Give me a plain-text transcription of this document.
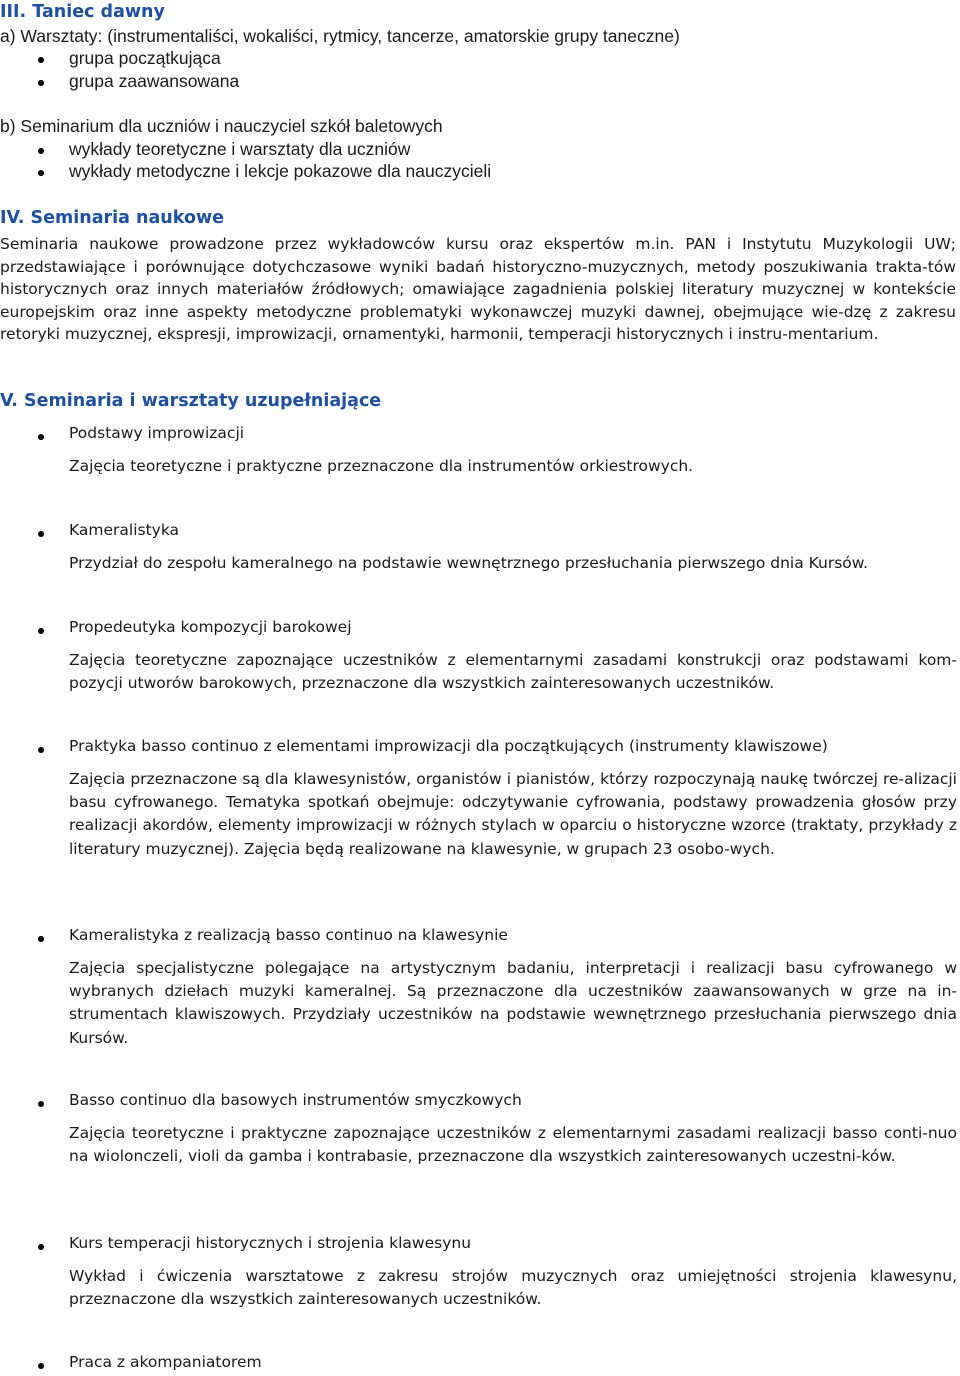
III. Taniec dawny
a) Warsztaty: (instrumentaliści, wokaliści, rytmicy, tancerze, amatorskie grupy taneczne)
grupa początkująca
grupa zaawansowana
b) Seminarium dla uczniów i nauczyciel szkół baletowych
wykłady teoretyczne i warsztaty dla uczniów
wykłady metodyczne i lekcje pokazowe dla nauczycieli
IV. Seminaria naukowe

Seminaria naukowe prowadzone przez wykładowców kursu oraz ekspertów m.in. PAN i Instytutu Muzykologii UW; przedstawiające i porównujące dotychczasowe wyniki badań historyczno-muzycznych, metody poszukiwania trakta-tów historycznych oraz innych materiałów źródłowych; omawiające zagadnienia polskiej literatury muzycznej w kontekście europejskim oraz inne aspekty metodyczne problematyki wykonawczej muzyki dawnej, obejmujące wie-dzę z zakresu retoryki muzycznej, ekspresji, improwizacji, ornamentyki, harmonii, temperacji historycznych i instru-mentarium.

V. Seminaria i warsztaty uzupełniające
Podstawy improwizacji

Zajęcia teoretyczne i praktyczne przeznaczone dla instrumentów orkiestrowych.

Kameralistyka

Przydział do zespołu kameralnego na podstawie wewnętrznego przesłuchania pierwszego dnia Kursów.

Propedeutyka kompozycji barokowej

Zajęcia teoretyczne zapoznające uczestników z elementarnymi zasadami konstrukcji oraz podstawami kom-pozycji utworów barokowych, przeznaczone dla wszystkich zainteresowanych uczestników.

Praktyka basso continuo z elementami improwizacji dla początkujących (instrumenty klawiszowe)

Zajęcia przeznaczone są dla klawesynistów, organistów i pianistów, którzy rozpoczynają naukę twórczej re-alizacji basu cyfrowanego. Tematyka spotkań obejmuje: odczytywanie cyfrowania, podstawy prowadzenia głosów przy realizacji akordów, elementy improwizacji w różnych stylach w oparciu o historyczne wzorce (traktaty, przykłady z literatury muzycznej). Zajęcia będą realizowane na klawesynie, w grupach 23 osobo-wych.

Kameralistyka z realizacją basso continuo na klawesynie

Zajęcia specjalistyczne polegające na artystycznym badaniu, interpretacji i realizacji basu cyfrowanego w wybranych dziełach muzyki kameralnej. Są przeznaczone dla uczestników zaawansowanych w grze na in-strumentach klawiszowych. Przydziały uczestników na podstawie wewnętrznego przesłuchania pierwszego dnia Kursów.

Basso continuo dla basowych instrumentów smyczkowych

Zajęcia teoretyczne i praktyczne zapoznające uczestników z elementarnymi zasadami realizacji basso conti-nuo na wiolonczeli, violi da gamba i kontrabasie, przeznaczone dla wszystkich zainteresowanych uczestni-ków.

Kurs temperacji historycznych i strojenia klawesynu

Wykład i ćwiczenia warsztatowe z zakresu strojów muzycznych oraz umiejętności strojenia klawesynu, przeznaczone dla wszystkich zainteresowanych uczestników.

Praca z akompaniatorem
